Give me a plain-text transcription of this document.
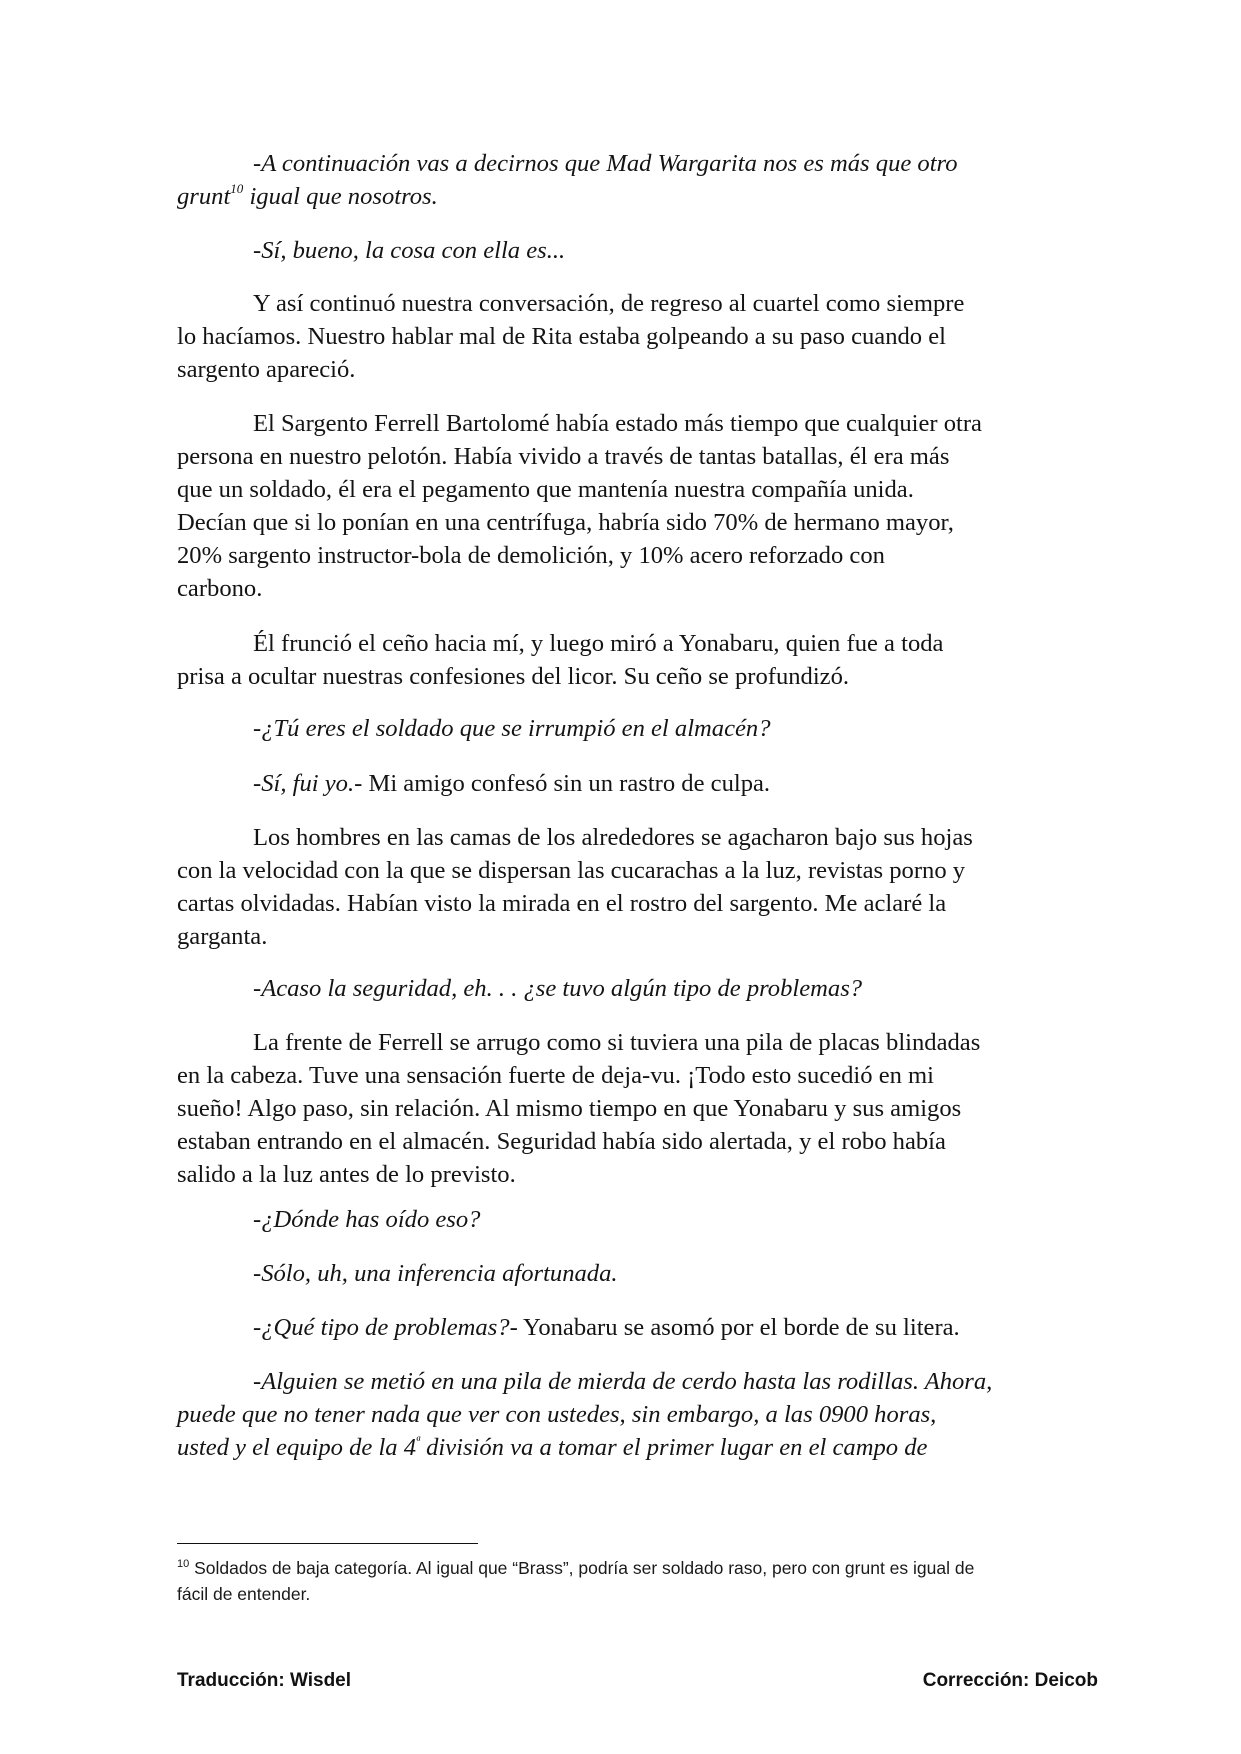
-A continuación vas a decirnos que Mad Wargarita nos es más que otro
grunt$^{10}$ igual que nosotros.

-Sí, bueno, la cosa con ella es...

Y así continuó nuestra conversación, de regreso al cuartel como siempre
lo hacíamos. Nuestro hablar mal de Rita estaba golpeando a su paso cuando el
sargento apareció.

El Sargento Ferrell Bartolomé había estado más tiempo que cualquier otra
persona en nuestro pelotón. Había vivido a través de tantas batallas, él era más
que un soldado, él era el pegamento que mantenía nuestra compañía unida.
Decían que si lo ponían en una centrífuga, habría sido 70% de hermano mayor,
20% sargento instructor-bola de demolición, y 10% acero reforzado con
carbono.

Él frunció el ceño hacia mí, y luego miró a Yonabaru, quien fue a toda
prisa a ocultar nuestras confesiones del licor. Su ceño se profundizó.

-¿Tú eres el soldado que se irrumpió en el almacén?

-Sí, fui yo.- Mi amigo confesó sin un rastro de culpa.

Los hombres en las camas de los alrededores se agacharon bajo sus hojas
con la velocidad con la que se dispersan las cucarachas a la luz, revistas porno y
cartas olvidadas. Habían visto la mirada en el rostro del sargento. Me aclaré la
garganta.

-Acaso la seguridad, eh. . . ¿se tuvo algún tipo de problemas?

La frente de Ferrell se arrugo como si tuviera una pila de placas blindadas
en la cabeza. Tuve una sensación fuerte de deja-vu. ¡Todo esto sucedió en mi
sueño! Algo paso, sin relación. Al mismo tiempo en que Yonabaru y sus amigos
estaban entrando en el almacén. Seguridad había sido alertada, y el robo había
salido a la luz antes de lo previsto.

-¿Dónde has oído eso?

-Sólo, uh, una inferencia afortunada.

-¿Qué tipo de problemas?- Yonabaru se asomó por el borde de su litera.

-Alguien se metió en una pila de mierda de cerdo hasta las rodillas. Ahora,
puede que no tener nada que ver con ustedes, sin embargo, a las 0900 horas,
usted y el equipo de la $4^ª$ división va a tomar el primer lugar en el campo de

$^{10}$ Soldados de baja categoría. Al igual que “Brass”, podría ser soldado raso, pero con grunt es igual de
fácil de entender.
Traducción: Wisdel	Corrección: Deicob
